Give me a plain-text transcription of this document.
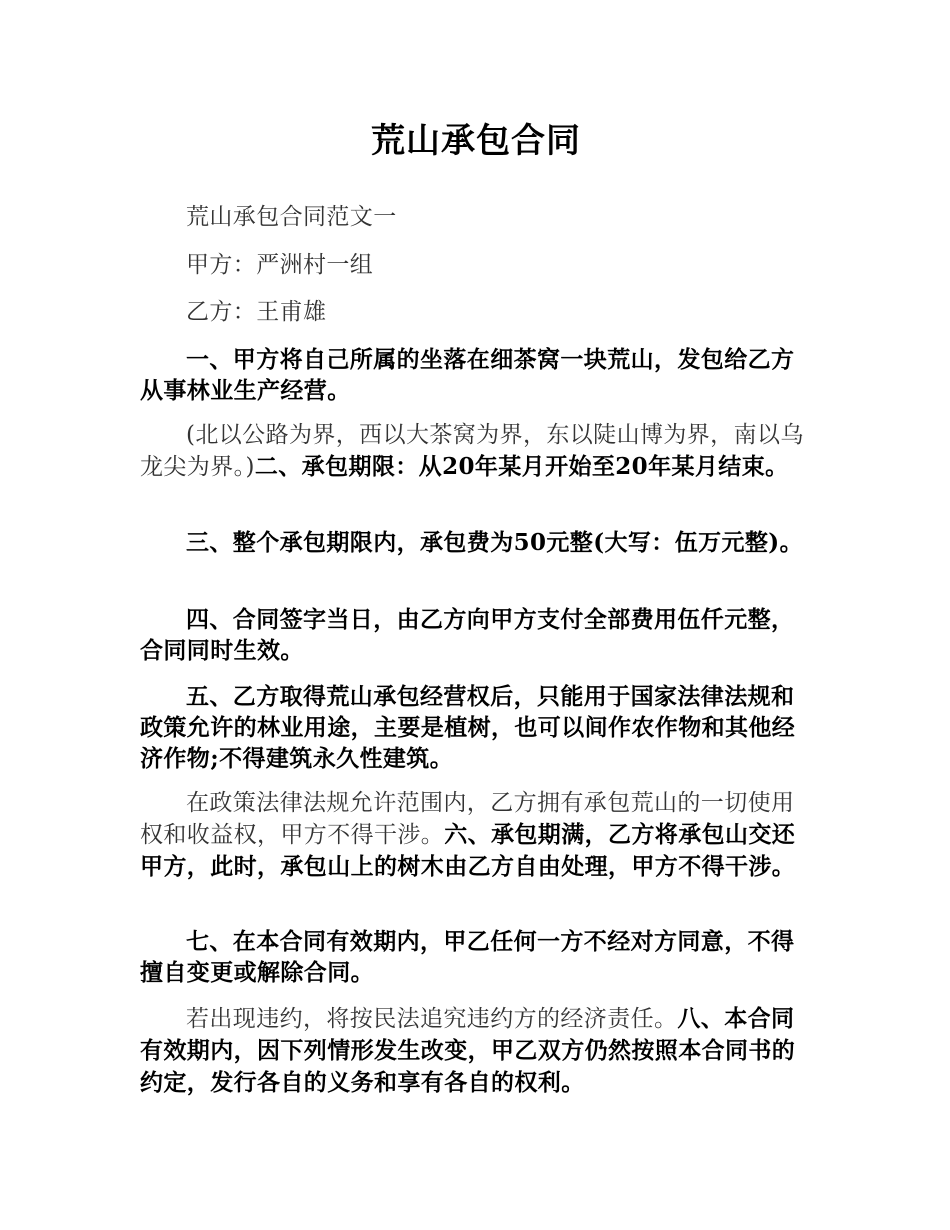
荒山承包合同

荒山承包合同范文一

甲方：严洲村一组

乙方：王甫雄

一、甲方将自己所属的坐落在细茶窝一块荒山，发包给乙方从事林业生产经营。

(北以公路为界，西以大茶窝为界，东以陡山博为界，南以乌龙尖为界。)二、承包期限：从20年某月开始至20年某月结束。

三、整个承包期限内，承包费为50元整(大写：伍万元整)。

四、合同签字当日，由乙方向甲方支付全部费用伍仟元整，合同同时生效。

五、乙方取得荒山承包经营权后，只能用于国家法律法规和政策允许的林业用途，主要是植树，也可以间作农作物和其他经济作物;不得建筑永久性建筑。

在政策法律法规允许范围内，乙方拥有承包荒山的一切使用权和收益权，甲方不得干涉。六、承包期满，乙方将承包山交还甲方，此时，承包山上的树木由乙方自由处理，甲方不得干涉。

七、在本合同有效期内，甲乙任何一方不经对方同意，不得擅自变更或解除合同。

若出现违约，将按民法追究违约方的经济责任。八、本合同有效期内，因下列情形发生改变，甲乙双方仍然按照本合同书的约定，发行各自的义务和享有各自的权利。
